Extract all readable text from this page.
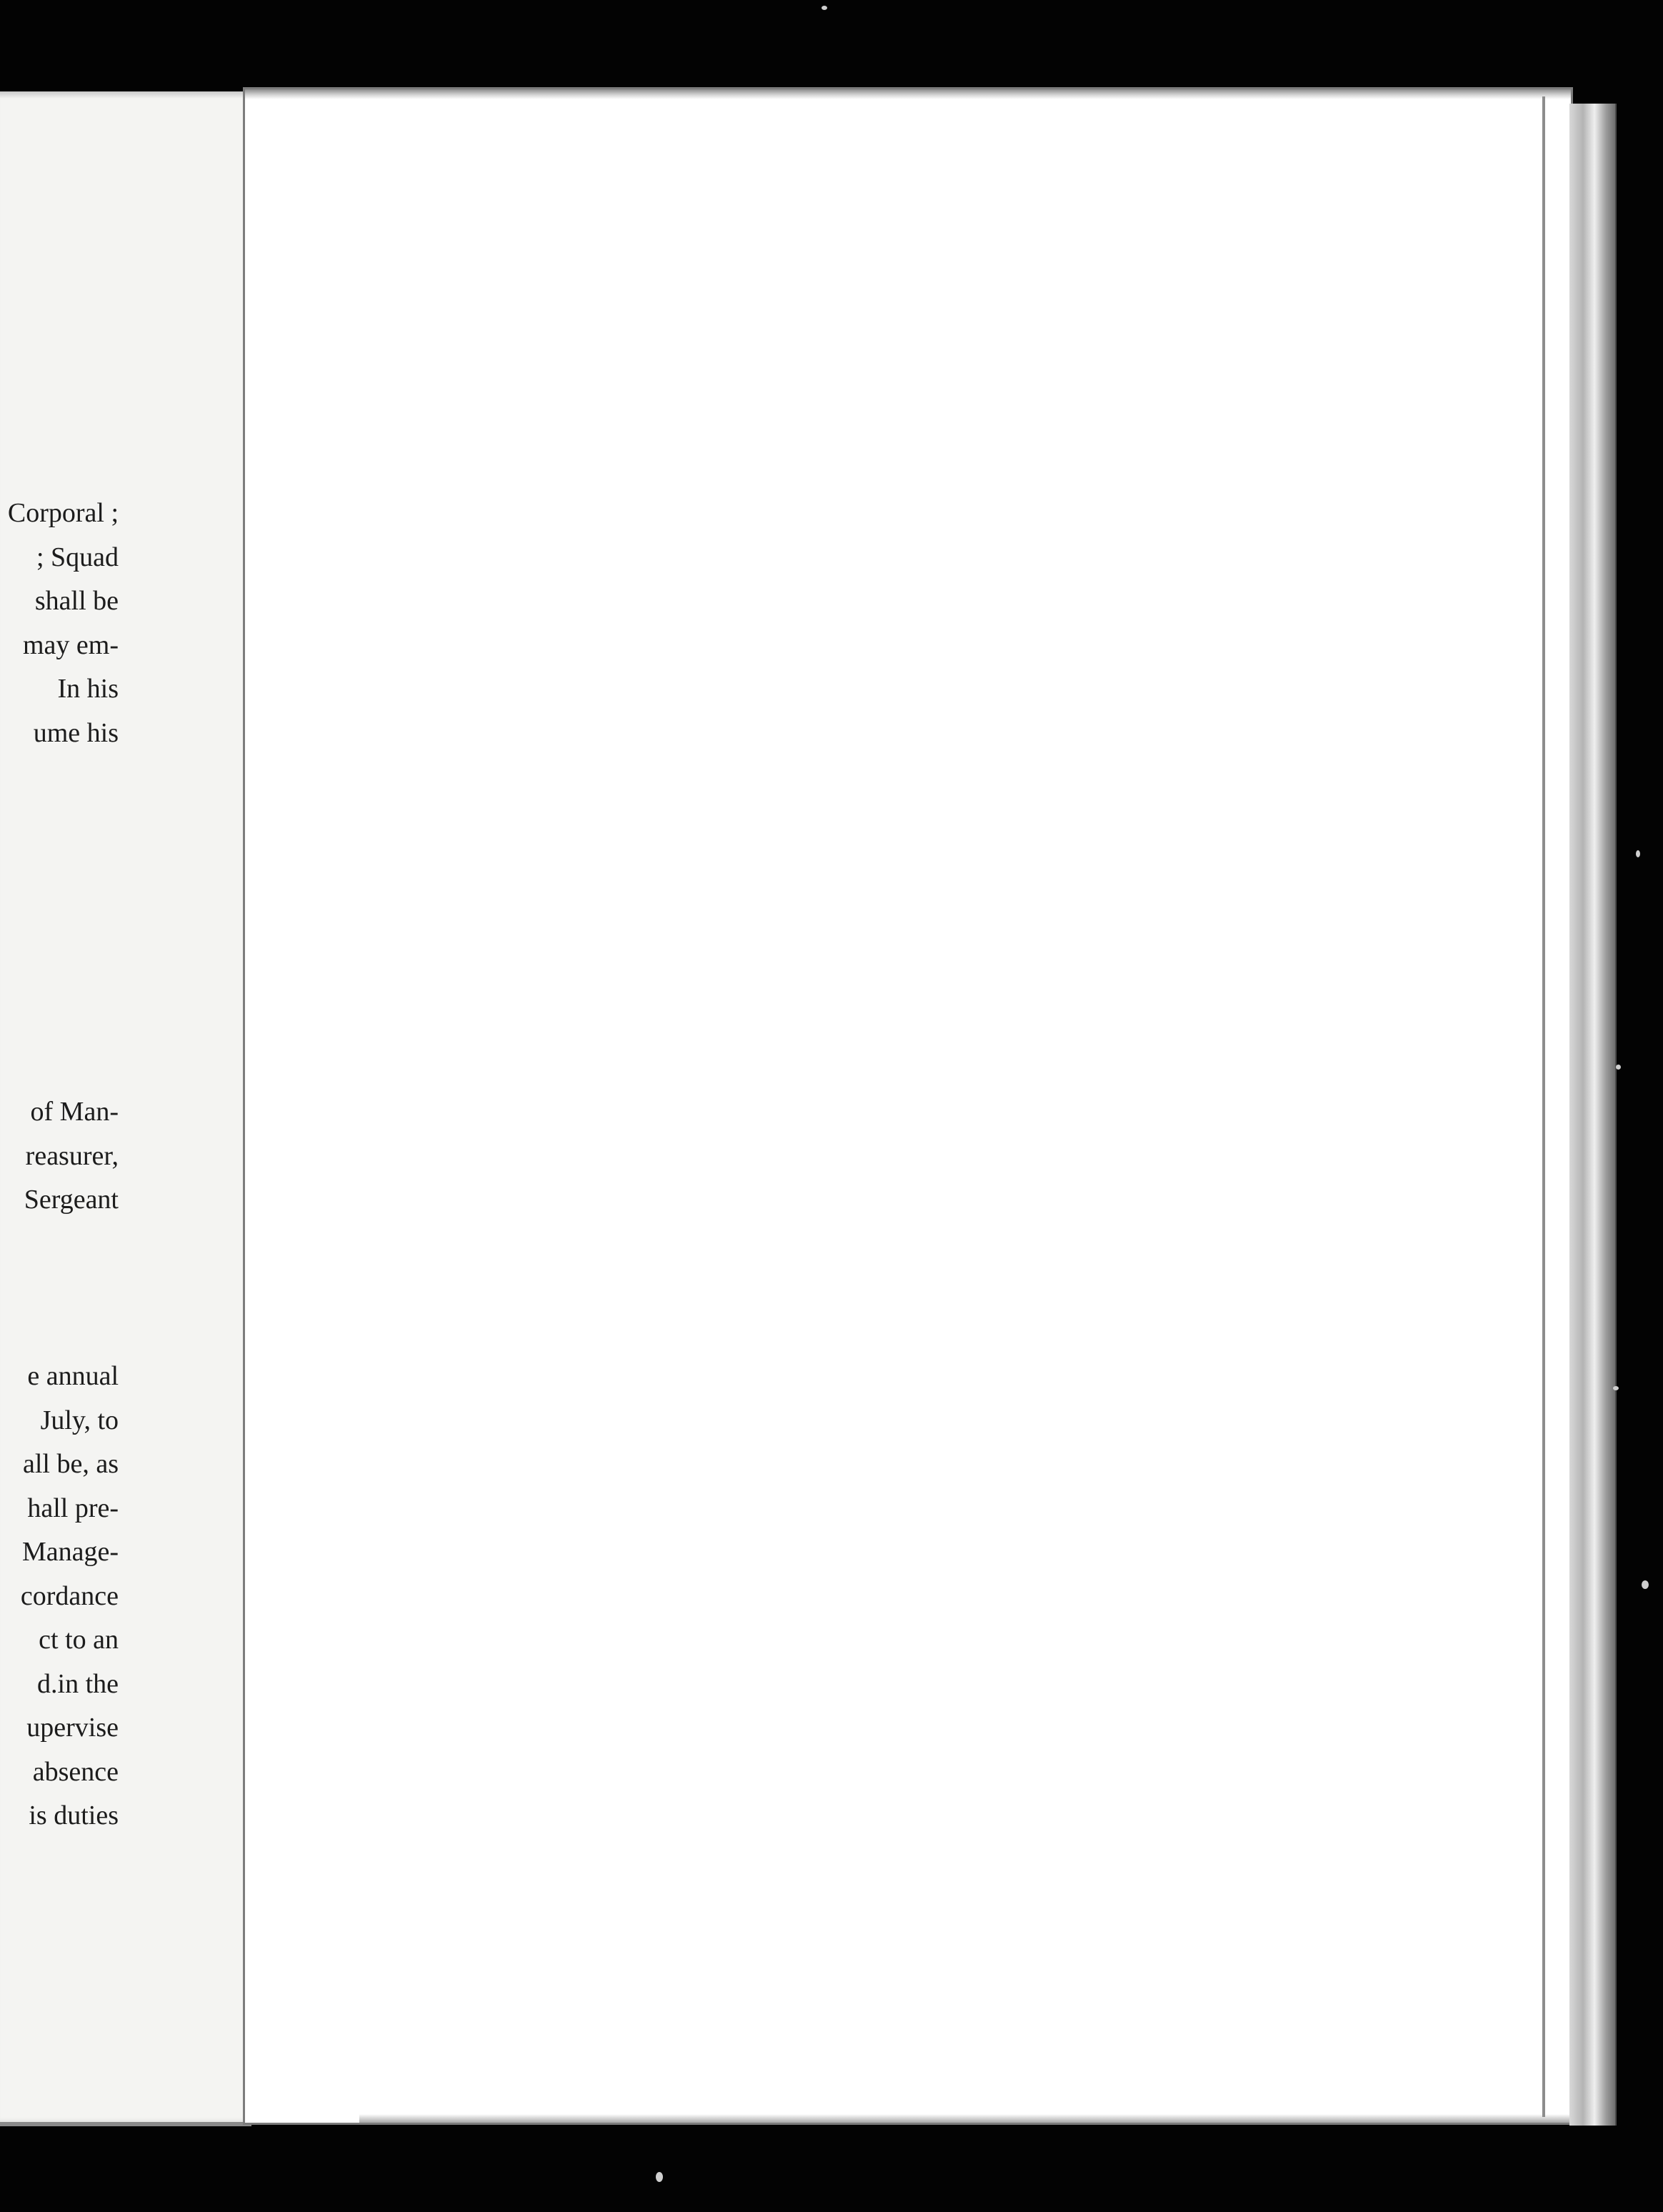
Corporal ;
; Squad
shall be
may em-
In his
ume his
of Man-
reasurer,
Sergeant
e annual
July, to
all be, as
hall pre-
Manage-
cordance
ct to an
d.in the
upervise
absence
is duties
